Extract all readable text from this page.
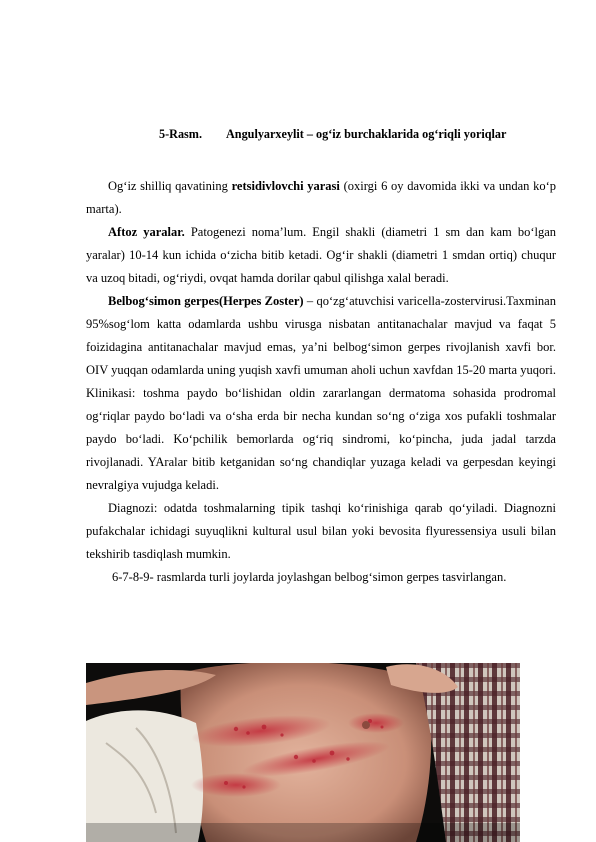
5-Rasm. Angulyarxeylit – og‘iz burchaklarida og‘riqli yoriqlar

Og‘iz shilliq qavatining retsidivlovchi yarasi (oxirgi 6 oy davomida ikki va undan ko‘p marta).

Aftoz yaralar. Patogenezi noma’lum. Engil shakli (diametri 1 sm dan kam bo‘lgan yaralar) 10-14 kun ichida o‘zicha bitib ketadi. Og‘ir shakli (diametri 1 smdan ortiq) chuqur va uzoq bitadi, og‘riydi, ovqat hamda dorilar qabul qilishga xalal beradi.

Belbog‘simon gerpes(Herpes Zoster) – qo‘zg‘atuvchisi varicella-zostervirusi.Taxminan 95%sog‘lom katta odamlarda ushbu virusga nisbatan antitanachalar mavjud va faqat 5 foizidagina antitanachalar mavjud emas, ya’ni belbog‘simon gerpes rivojlanish xavfi bor. OIV yuqqan odamlarda uning yuqish xavfi umuman aholi uchun xavfdan 15-20 marta yuqori. Klinikasi: toshma paydo bo‘lishidan oldin zararlangan dermatoma sohasida prodromal og‘riqlar paydo bo‘ladi va o‘sha erda bir necha kundan so‘ng o‘ziga xos pufakli toshmalar paydo bo‘ladi. Ko‘pchilik bemorlarda og‘riq sindromi, ko‘pincha, juda jadal tarzda rivojlanadi. YAralar bitib ketganidan so‘ng chandiqlar yuzaga keladi va gerpesdan keyingi nevralgiya vujudga keladi.

Diagnozi: odatda toshmalarning tipik tashqi ko‘rinishiga qarab qo‘yiladi. Diagnozni pufakchalar ichidagi suyuqlikni kultural usul bilan yoki bevosita flyuressensiya usuli bilan tekshirib tasdiqlash mumkin.

6-7-8-9- rasmlarda turli joylarda joylashgan belbog‘simon gerpes tasvirlangan.
